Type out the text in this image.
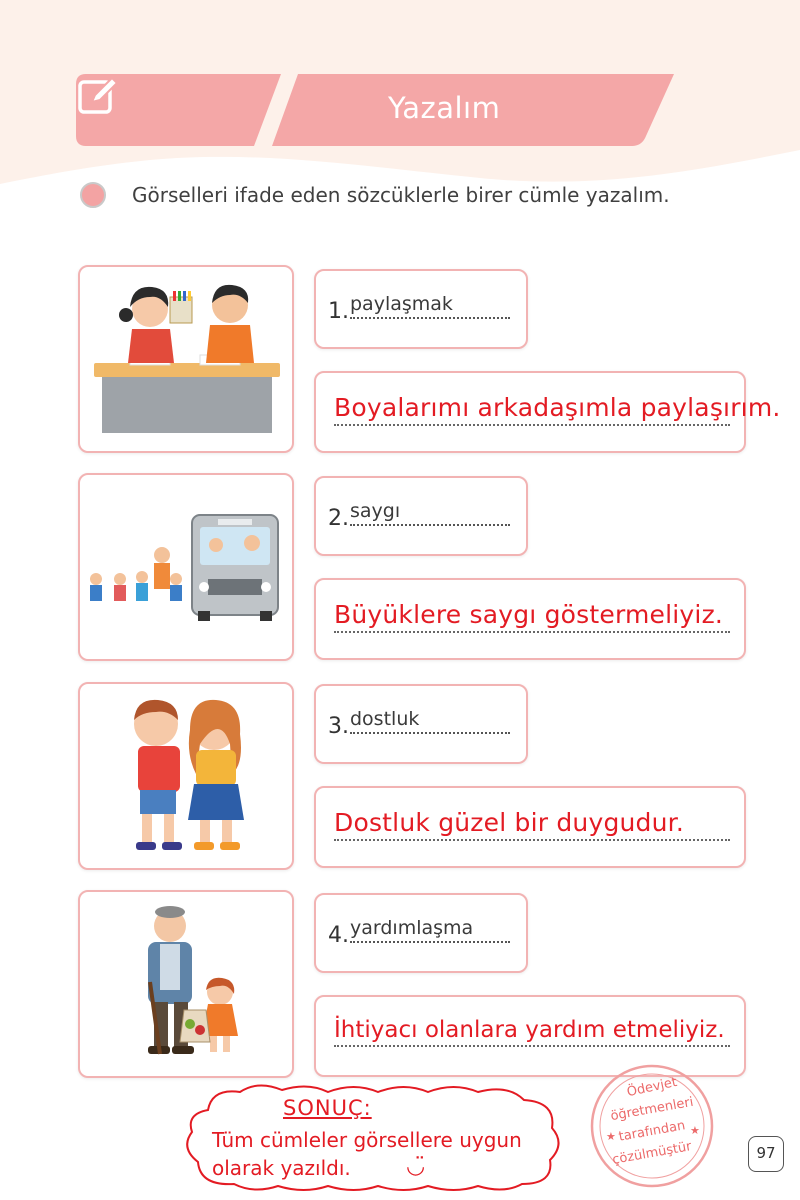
Yazalım
Görselleri ifade eden sözcüklerle birer cümle yazalım.
1. paylaşmak
Boyalarımı arkadaşımla paylaşırım.
2. saygı
Büyüklere saygı göstermeliyiz.
3. dostluk
Dostluk güzel bir duygudur.
4. yardımlaşma
İhtiyacı olanlara yardım etmeliyiz.
SONUÇ:
Tüm cümleler görsellere uygun
olarak yazıldı.	◡̈
★	★
Ödevjet
öğretmenleri
tarafından
çözülmüştür	97
